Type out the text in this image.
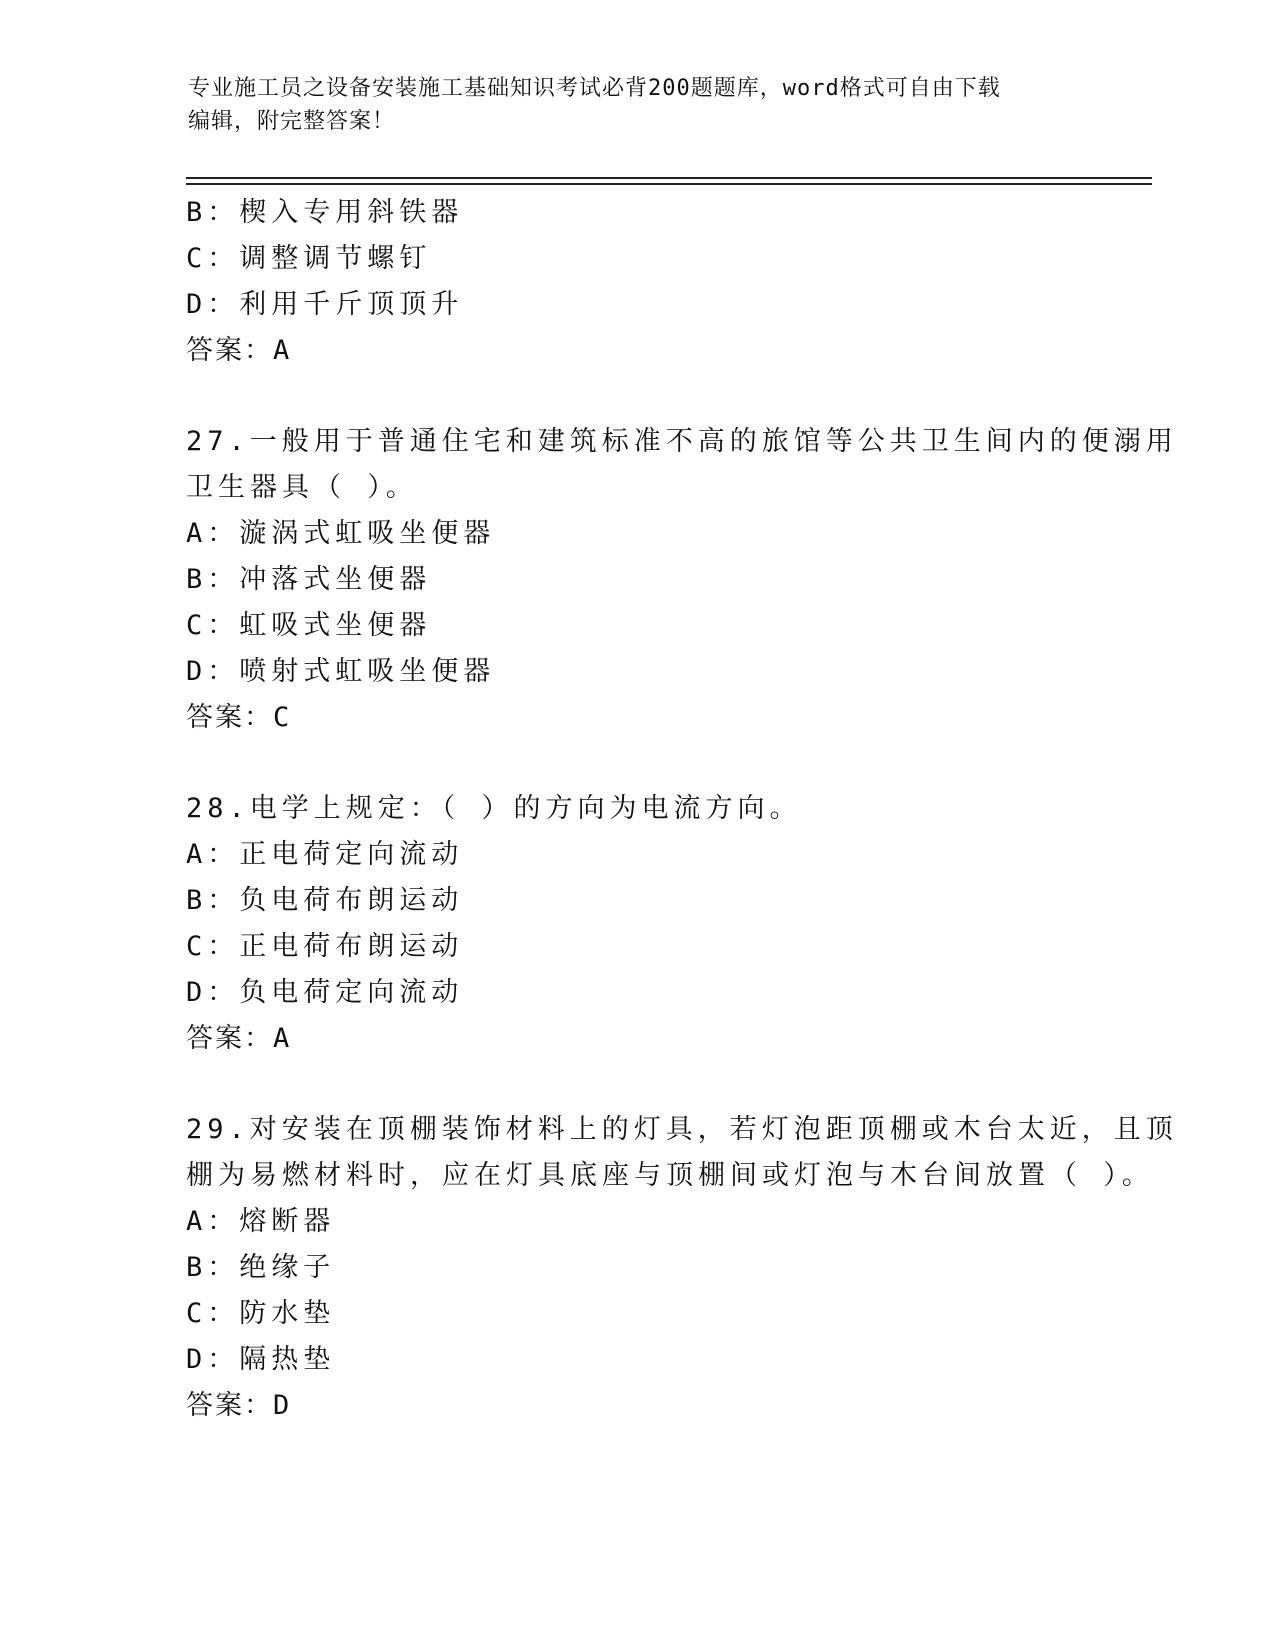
专业施工员之设备安装施工基础知识考试必背200题题库，word格式可自由下载
编辑，附完整答案！
B：楔入专用斜铁器
C：调整调节螺钉
D：利用千斤顶顶升
答案：A
27.一般用于普通住宅和建筑标准不高的旅馆等公共卫生间内的便溺用
卫生器具（ ）。
A：漩涡式虹吸坐便器
B：冲落式坐便器
C：虹吸式坐便器
D：喷射式虹吸坐便器
答案：C
28.电学上规定：（ ）的方向为电流方向。
A：正电荷定向流动
B：负电荷布朗运动
C：正电荷布朗运动
D：负电荷定向流动
答案：A
29.对安装在顶棚装饰材料上的灯具，若灯泡距顶棚或木台太近，且顶
棚为易燃材料时，应在灯具底座与顶棚间或灯泡与木台间放置（ ）。
A：熔断器
B：绝缘子
C：防水垫
D：隔热垫
答案：D
